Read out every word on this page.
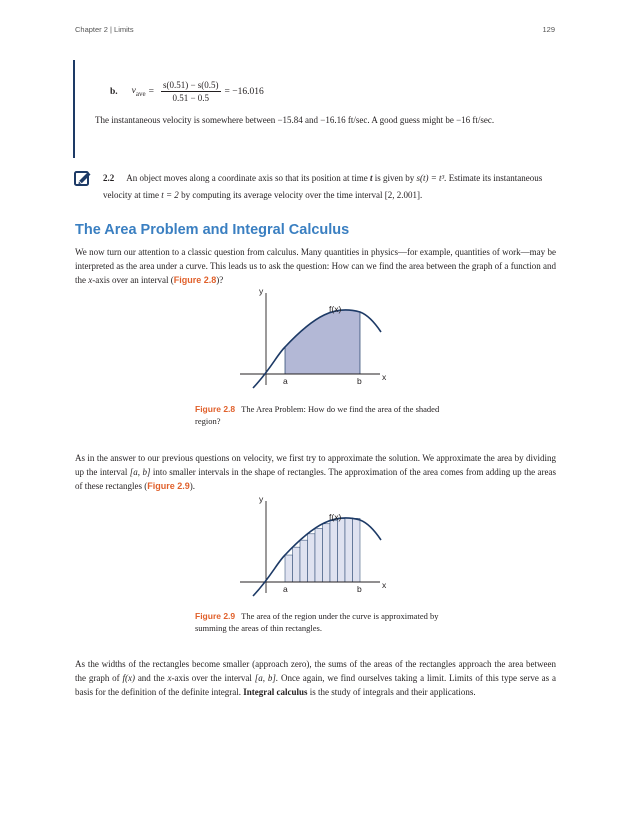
Chapter 2 | Limits	129
b. $v_{ave} = \frac{s(0.51) - s(0.5)}{0.51 - 0.5} = -16.016$
The instantaneous velocity is somewhere between −15.84 and −16.16 ft/sec. A good guess might be −16 ft/sec.
2.2 An object moves along a coordinate axis so that its position at time t is given by s(t) = t³. Estimate its instantaneous velocity at time t = 2 by computing its average velocity over the time interval [2, 2.001].
The Area Problem and Integral Calculus

We now turn our attention to a classic question from calculus. Many quantities in physics—for example, quantities of work—may be interpreted as the area under a curve. This leads us to ask the question: How can we find the area between the graph of a function and the x-axis over an interval (Figure 2.8)?

y
x
f(x)
a	b
Figure 2.8 The Area Problem: How do we find the area of the shaded region?

As in the answer to our previous questions on velocity, we first try to approximate the solution. We approximate the area by dividing up the interval [a, b] into smaller intervals in the shape of rectangles. The approximation of the area comes from adding up the areas of these rectangles (Figure 2.9).

y
x
f(x)
a	b
Figure 2.9 The area of the region under the curve is approximated by summing the areas of thin rectangles.

As the widths of the rectangles become smaller (approach zero), the sums of the areas of the rectangles approach the area between the graph of f(x) and the x-axis over the interval [a, b]. Once again, we find ourselves taking a limit. Limits of this type serve as a basis for the definition of the definite integral. Integral calculus is the study of integrals and their applications.
